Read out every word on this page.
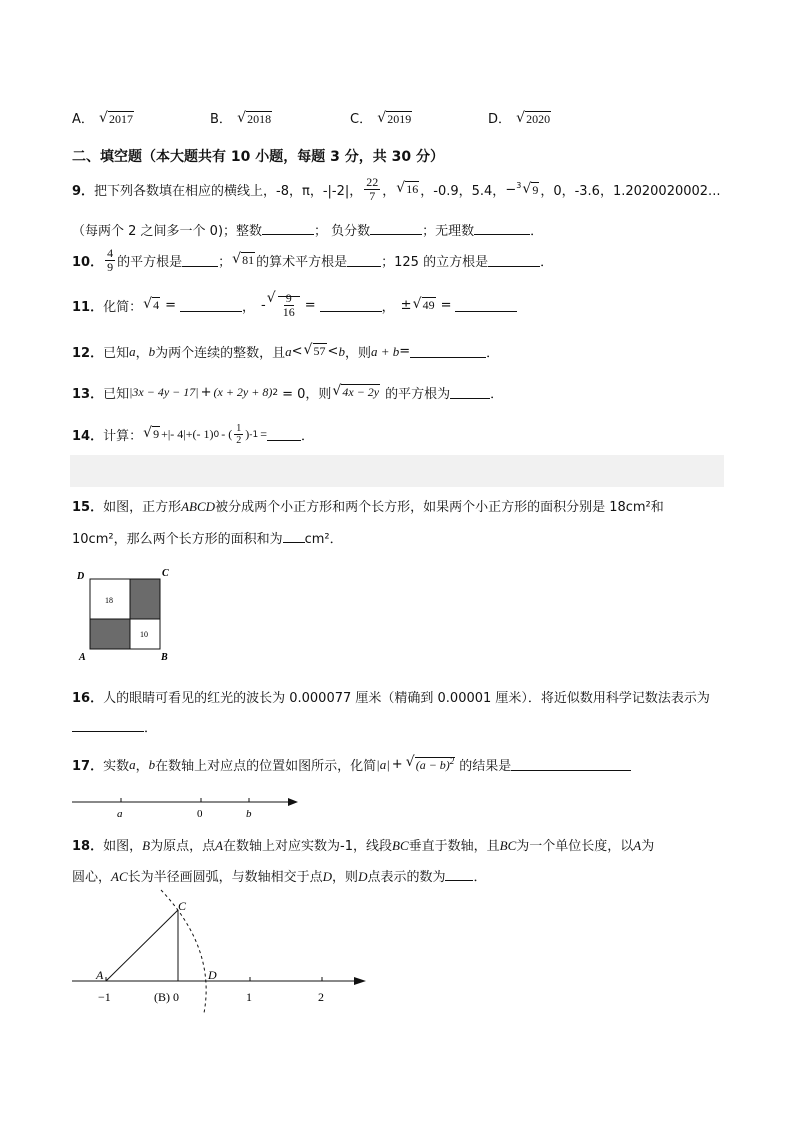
A． √ 2017	B． √ 2018	C． √ 2019	D． √ 2020
二、填空题（本大题共有 10 小题，每题 3 分，共 30 分）
9． 把下列各数填在相应的横线上，-8，π，-|-2|， $\frac{22}{7}$ ， √ 16 ，-0.9，5.4， −$^3$ √ 9 ，0，-3.6，1.2020020002...
（每两个 2 之间多一个 0)；整数	； 负分数	；无理数	．
10． $\frac{4}{9}$ 的平方根是	； √ 81 的算术平方根是	；125 的立方根是	．
11． 化简： √ 4 =	， - √ $\frac{9}{16}$ =	， ± √ 49 =
12． 已知 a ， b 为两个连续的整数，且 a < √ 57 < b ，则 a + b =	．
13． 已知 |3x − 4y − 17| + (x + 2y + 8) 2 = 0，则 √ 4x − 2y 的平方根为	．
14． 计算： √ 9 + |- 4| +(- 1) 0 - ( $\frac{1}{2}$ ) -1 =	．
15．如图，正方形ABCD被分成两个小正方形和两个长方形，如果两个小正方形的面积分别是 18cm²和
10cm²，那么两个长方形的面积和为 cm²．
18
10
D	C
A	B
16．人的眼睛可看见的红光的波长为 0.000077 厘米（精确到 0.00001 厘米）．将近似数用科学记数法表示为
．
17． 实数 a ， b 在数轴上对应点的位置如图所示，化简 |a| +	√ $(a - b)^2$ 的结果是
a	0	b
18．如图，B为原点，点A在数轴上对应实数为-1，线段BC垂直于数轴，且BC为一个单位长度，以A为
圆心，AC长为半径画圆弧，与数轴相交于点D，则D点表示的数为 ．
C
A	D
−1	(B) 0	1	2
